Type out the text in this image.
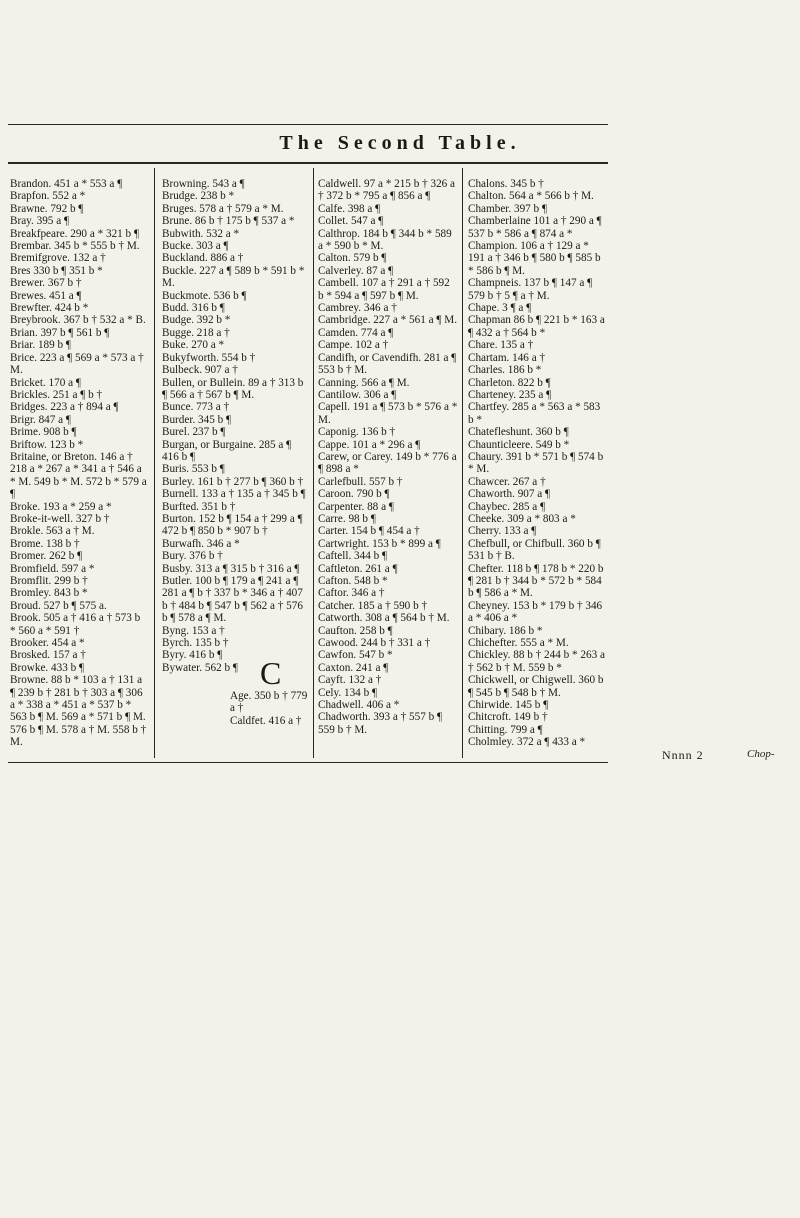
The Second Table.
Brandon. 451 a * 553 a ¶
Brapfon. 552 a *
Brawne. 792 b ¶
Bray. 395 a ¶
Breakfpeare. 290 a * 321 b ¶
Brembar. 345 b * 555 b † M.
Bremifgrove. 132 a †
Bres 330 b ¶ 351 b *
Brewer. 367 b †
Brewes. 451 a ¶
Brewfter. 424 b *
Breybrook. 367 b † 532 a * B.
Brian. 397 b ¶ 561 b ¶
Briar. 189 b ¶
Brice. 223 a ¶ 569 a * 573 a † M.
Bricket. 170 a ¶
Brickles. 251 a ¶ b †
Bridges. 223 a † 894 a ¶
Brigr. 847 a ¶
Brime. 908 b ¶
Briftow. 123 b *
Britaine, or Breton. 146 a † 218 a * 267 a * 341 a † 546 a * M. 549 b * M. 572 b * 579 a ¶
Broke. 193 a * 259 a *
Broke-it-well. 327 b †
Brokle. 563 a † M.
Brome. 138 b †
Bromer. 262 b ¶
Bromfield. 597 a *
Bromflit. 299 b †
Bromley. 843 b *
Broud. 527 b ¶ 575 a.
Brook. 505 a † 416 a † 573 b * 560 a * 591 †
Brooker. 454 a *
Brosked. 157 a †
Browke. 433 b ¶
Browne. 88 b * 103 a † 131 a ¶ 239 b † 281 b † 303 a ¶ 306 a * 338 a * 451 a * 537 b * 563 b ¶ M. 569 a * 571 b ¶ M. 576 b ¶ M. 578 a † M. 558 b † M.
Browning. 543 a ¶
Brudge. 238 b *
Bruges. 578 a † 579 a * M.
Brune. 86 b † 175 b ¶ 537 a *
Bubwith. 532 a *
Bucke. 303 a ¶
Buckland. 886 a †
Buckle. 227 a ¶ 589 b * 591 b * M.
Buckmote. 536 b ¶
Budd. 316 b ¶
Budge. 392 b *
Bugge. 218 a †
Buke. 270 a *
Bukyfworth. 554 b †
Bulbeck. 907 a †
Bullen, or Bullein. 89 a † 313 b ¶ 566 a † 567 b ¶ M.
Bunce. 773 a †
Burder. 345 b ¶
Burel. 237 b ¶
Burgan, or Burgaine. 285 a ¶ 416 b ¶
Buris. 553 b ¶
Burley. 161 b † 277 b ¶ 360 b †
Burnell. 133 a † 135 a † 345 b ¶
Burfted. 351 b †
Burton. 152 b ¶ 154 a † 299 a ¶ 472 b ¶ 850 b * 907 b †
Burwafh. 346 a *
Bury. 376 b †
Busby. 313 a ¶ 315 b † 316 a ¶
Butler. 100 b ¶ 179 a ¶ 241 a ¶ 281 a ¶ b † 337 b * 346 a † 407 b † 484 b ¶ 547 b ¶ 562 a † 576 b ¶ 578 a ¶ M.
Byng. 153 a †
Byrch. 135 b †
Byry. 416 b ¶
Bywater. 562 b ¶
Caldwell. 97 a * 215 b † 326 a † 372 b * 795 a ¶ 856 a ¶
Calfe. 398 a ¶
Collet. 547 a ¶
Calthrop. 184 b ¶ 344 b * 589 a * 590 b * M.
Calton. 579 b ¶
Calverley. 87 a ¶
Cambell. 107 a † 291 a † 592 b * 594 a ¶ 597 b ¶ M.
Cambrey. 346 a †
Cambridge. 227 a * 561 a ¶ M.
Camden. 774 a ¶
Campe. 102 a †
Candifh, or Cavendifh. 281 a ¶ 553 b † M.
Canning. 566 a ¶ M.
Cantilow. 306 a ¶
Capell. 191 a ¶ 573 b * 576 a * M.
Caponig. 136 b †
Cappe. 101 a * 296 a ¶
Carew, or Carey. 149 b * 776 a ¶ 898 a *
Carlefbull. 557 b †
Caroon. 790 b ¶
Carpenter. 88 a ¶
Carre. 98 b ¶
Carter. 154 b ¶ 454 a †
Cartwright. 153 b * 899 a ¶
Caftell. 344 b ¶
Caftleton. 261 a ¶
Cafton. 548 b *
Caftor. 346 a †
Catcher. 185 a † 590 b †
Catworth. 308 a ¶ 564 b † M.
Caufton. 258 b ¶
Cawood. 244 b † 331 a †
Cawfon. 547 b *
Caxton. 241 a ¶
Cayft. 132 a †
Cely. 134 b ¶
Chadwell. 406 a *
Chadworth. 393 a † 557 b ¶ 559 b † M.
Chalons. 345 b †
Chalton. 564 a * 566 b † M.
Chamber. 397 b ¶
Chamberlaine 101 a † 290 a ¶ 537 b * 586 a ¶ 874 a *
Champion. 106 a † 129 a * 191 a † 346 b ¶ 580 b ¶ 585 b * 586 b ¶ M.
Champneis. 137 b ¶ 147 a ¶ 579 b † 5 ¶ a † M.
Chape. 3 ¶ a ¶
Chapman 86 b ¶ 221 b * 163 a ¶ 432 a † 564 b *
Chare. 135 a †
Chartam. 146 a †
Charles. 186 b *
Charleton. 822 b ¶
Charteney. 235 a ¶
Chartfey. 285 a * 563 a * 583 b *
Chatefleshunt. 360 b ¶
Chaunticleere. 549 b *
Chaury. 391 b * 571 b ¶ 574 b * M.
Chawcer. 267 a †
Chaworth. 907 a ¶
Chaybec. 285 a ¶
Cheeke. 309 a * 803 a *
Cherry. 133 a ¶
Chefbull, or Chifbull. 360 b ¶ 531 b † B.
Chefter. 118 b ¶ 178 b * 220 b ¶ 281 b † 344 b * 572 b * 584 b ¶ 586 a * M.
Cheyney. 153 b * 179 b † 346 a * 406 a *
Chibary. 186 b *
Chichefter. 555 a * M.
Chickley. 88 b † 244 b * 263 a † 562 b † M. 559 b *
Chickwell, or Chigwell. 360 b ¶ 545 b ¶ 548 b † M.
Chirwide. 145 b ¶
Chitcroft. 149 b †
Chitting. 799 a ¶
Cholmley. 372 a ¶ 433 a *
C
Age. 350 b † 779 a †
Caldfet. 416 a †
Nnnn 2	Chop-
